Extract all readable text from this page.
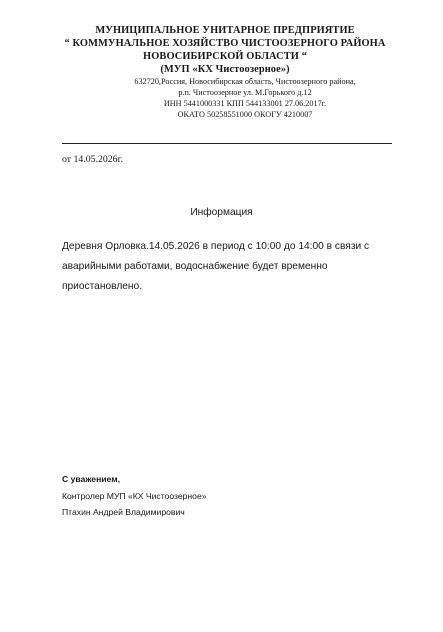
МУНИЦИПАЛЬНОЕ УНИТАРНОЕ ПРЕДПРИЯТИЕ
“ КОММУНАЛЬНОЕ ХОЗЯЙСТВО ЧИСТООЗЕРНОГО РАЙОНА
НОВОСИБИРСКОЙ ОБЛАСТИ “
(МУП «КХ Чистоозерное»)
632720,Россия, Новосибирская область, Чистоозерного района,
р.п. Чистоозерное ул. М.Горького д.12
ИНН 5441000331 КПП 544133001 27.06.2017г.
ОКАТО 50258551000 ОКОГУ 4210007
от 14.05.2026г.
Информация
Деревня Орловка.14.05.2026 в период с 10:00 до 14:00 в связи с аварийными работами, водоснабжение будет временно приостановлено.
С уважением,
Контролер МУП «КХ Чистоозерное»
Птахин Андрей Владимирович
